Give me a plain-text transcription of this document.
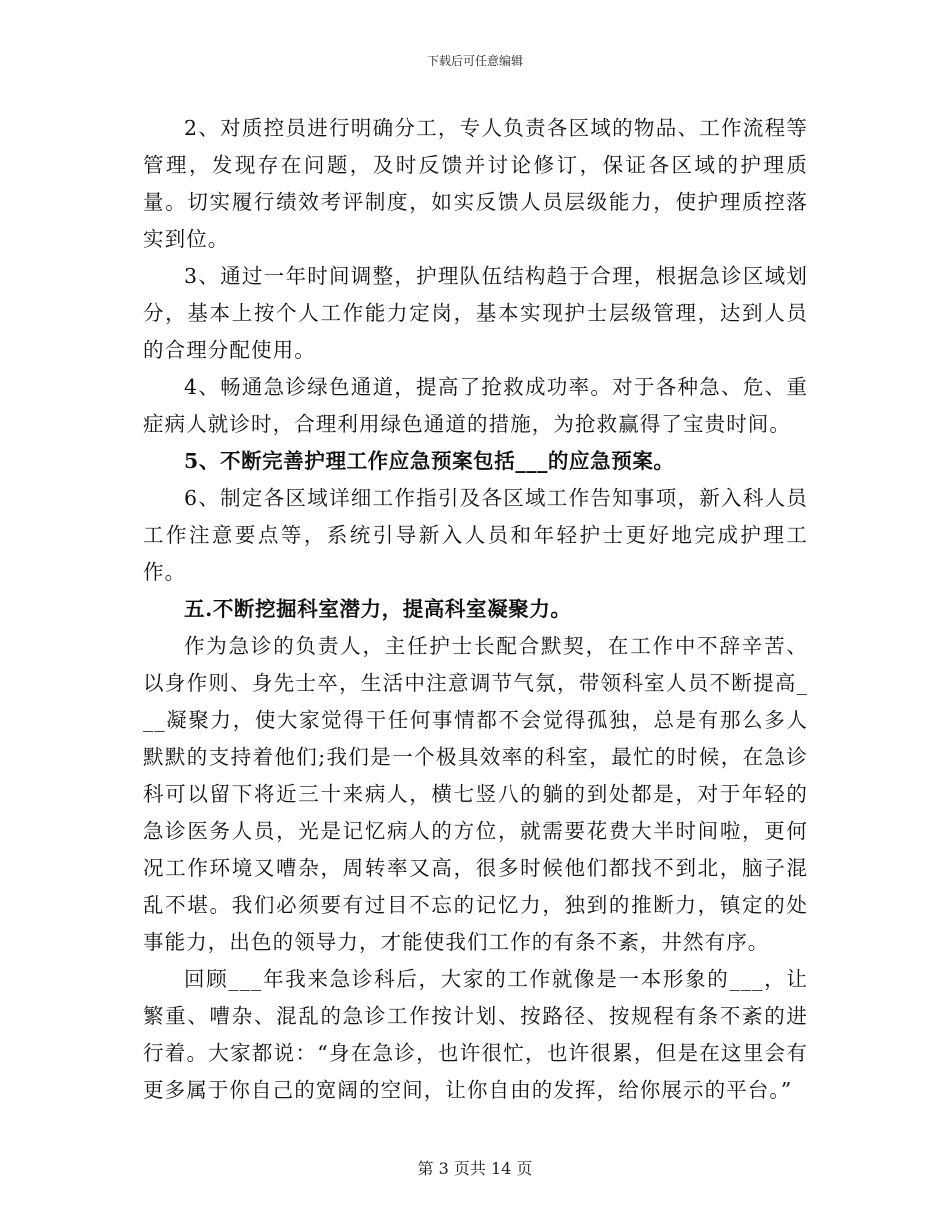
下载后可任意编辑

2、对质控员进行明确分工，专人负责各区域的物品、工作流程等管理，发现存在问题，及时反馈并讨论修订，保证各区域的护理质量。切实履行绩效考评制度，如实反馈人员层级能力，使护理质控落实到位。

3、通过一年时间调整，护理队伍结构趋于合理，根据急诊区域划分，基本上按个人工作能力定岗，基本实现护士层级管理，达到人员的合理分配使用。

4、畅通急诊绿色通道，提高了抢救成功率。对于各种急、危、重症病人就诊时，合理利用绿色通道的措施，为抢救赢得了宝贵时间。

5、不断完善护理工作应急预案包括___的应急预案。

6、制定各区域详细工作指引及各区域工作告知事项，新入科人员工作注意要点等，系统引导新入人员和年轻护士更好地完成护理工作。

五.不断挖掘科室潜力，提高科室凝聚力。

作为急诊的负责人，主任护士长配合默契，在工作中不辞辛苦、以身作则、身先士卒，生活中注意调节气氛，带领科室人员不断提高___凝聚力，使大家觉得干任何事情都不会觉得孤独，总是有那么多人默默的支持着他们;我们是一个极具效率的科室，最忙的时候，在急诊科可以留下将近三十来病人，横七竖八的躺的到处都是，对于年轻的急诊医务人员，光是记忆病人的方位，就需要花费大半时间啦，更何况工作环境又嘈杂，周转率又高，很多时候他们都找不到北，脑子混乱不堪。我们必须要有过目不忘的记忆力，独到的推断力，镇定的处事能力，出色的领导力，才能使我们工作的有条不紊，井然有序。

回顾___年我来急诊科后，大家的工作就像是一本形象的___，让繁重、嘈杂、混乱的急诊工作按计划、按路径、按规程有条不紊的进行着。大家都说：“身在急诊，也许很忙，也许很累，但是在这里会有更多属于你自己的宽阔的空间，让你自由的发挥，给你展示的平台。”

第 3 页共 14 页
